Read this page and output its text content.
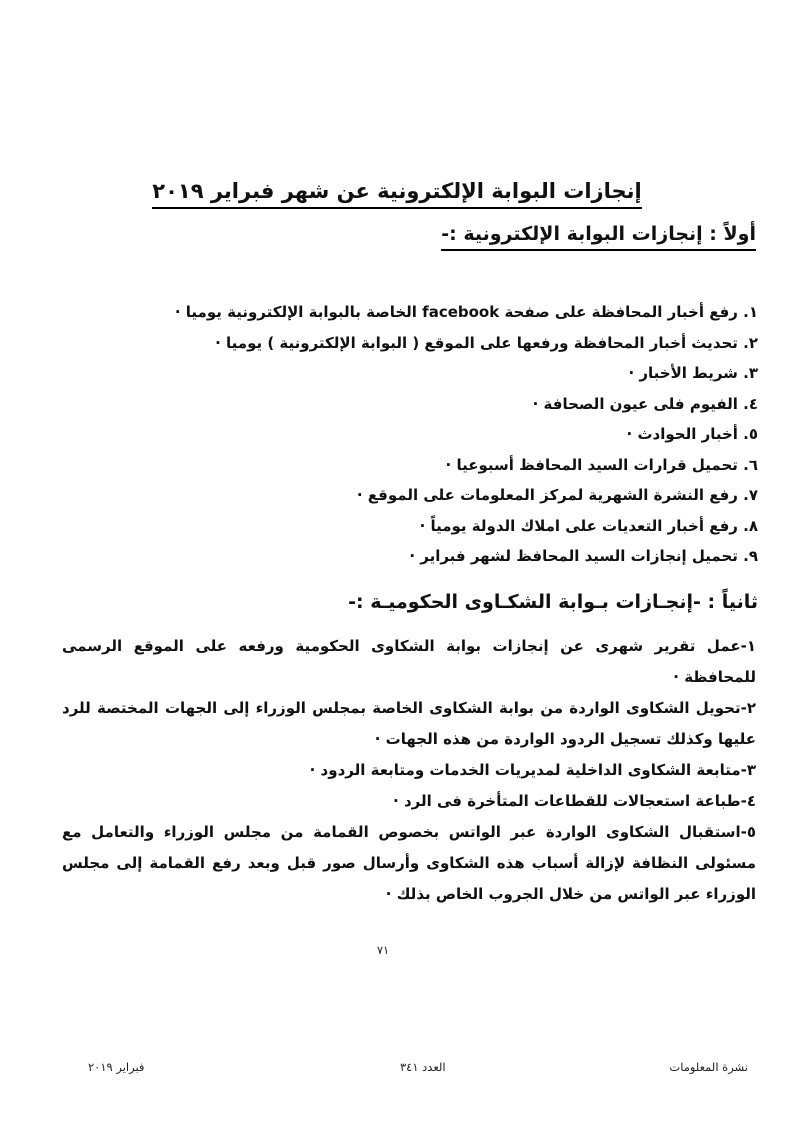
إنجازات البوابة الإلكترونية عن شهر فبراير ٢٠١٩
أولاً : إنجازات البوابة الإلكترونية :-
١. رفع أخبار المحافظة على صفحة facebook الخاصة بالبوابة الإلكترونية يوميا ·
٢. تحديث أخبار المحافظة ورفعها على الموقع ( البوابة الإلكترونية ) يوميا ·
٣. شريط الأخبار ·
٤. الفيوم فلى عيون الصحافة ·
٥. أخبار الحوادث ·
٦. تحميل قرارات السيد المحافظ أسبوعيا ·
٧. رفع النشرة الشهرية لمركز المعلومات على الموقع ·
٨. رفع أخبار التعديات على املاك الدولة يومياً ·
٩. تحميل إنجازات السيد المحافظ لشهر فبراير ·
ثانياً : -إنجـازات بـوابة الشكـاوى الحكوميـة :-

١-عمل تقرير شهرى عن إنجازات بوابة الشكاوى الحكومية ورفعه على الموقع الرسمى للمحافظة ·

٢-تحويل الشكاوى الواردة من بوابة الشكاوى الخاصة بمجلس الوزراء إلى الجهات المختصة للرد عليها وكذلك تسجيل الردود الواردة من هذه الجهات ·

٣-متابعة الشكاوى الداخلية لمديريات الخدمات ومتابعة الردود ·

٤-طباعة استعجالات للقطاعات المتأخرة فى الرد ·

٥-استقبال الشكاوى الواردة عبر الواتس بخصوص القمامة من مجلس الوزراء والتعامل مع مسئولى النظافة لإزالة أسباب هذه الشكاوى وأرسال صور قبل وبعد رفع القمامة إلى مجلس الوزراء عبر الواتس من خلال الجروب الخاص بذلك ·

٧١
نشرة المعلومات
العدد ٣٤١
فبراير ٢٠١٩
